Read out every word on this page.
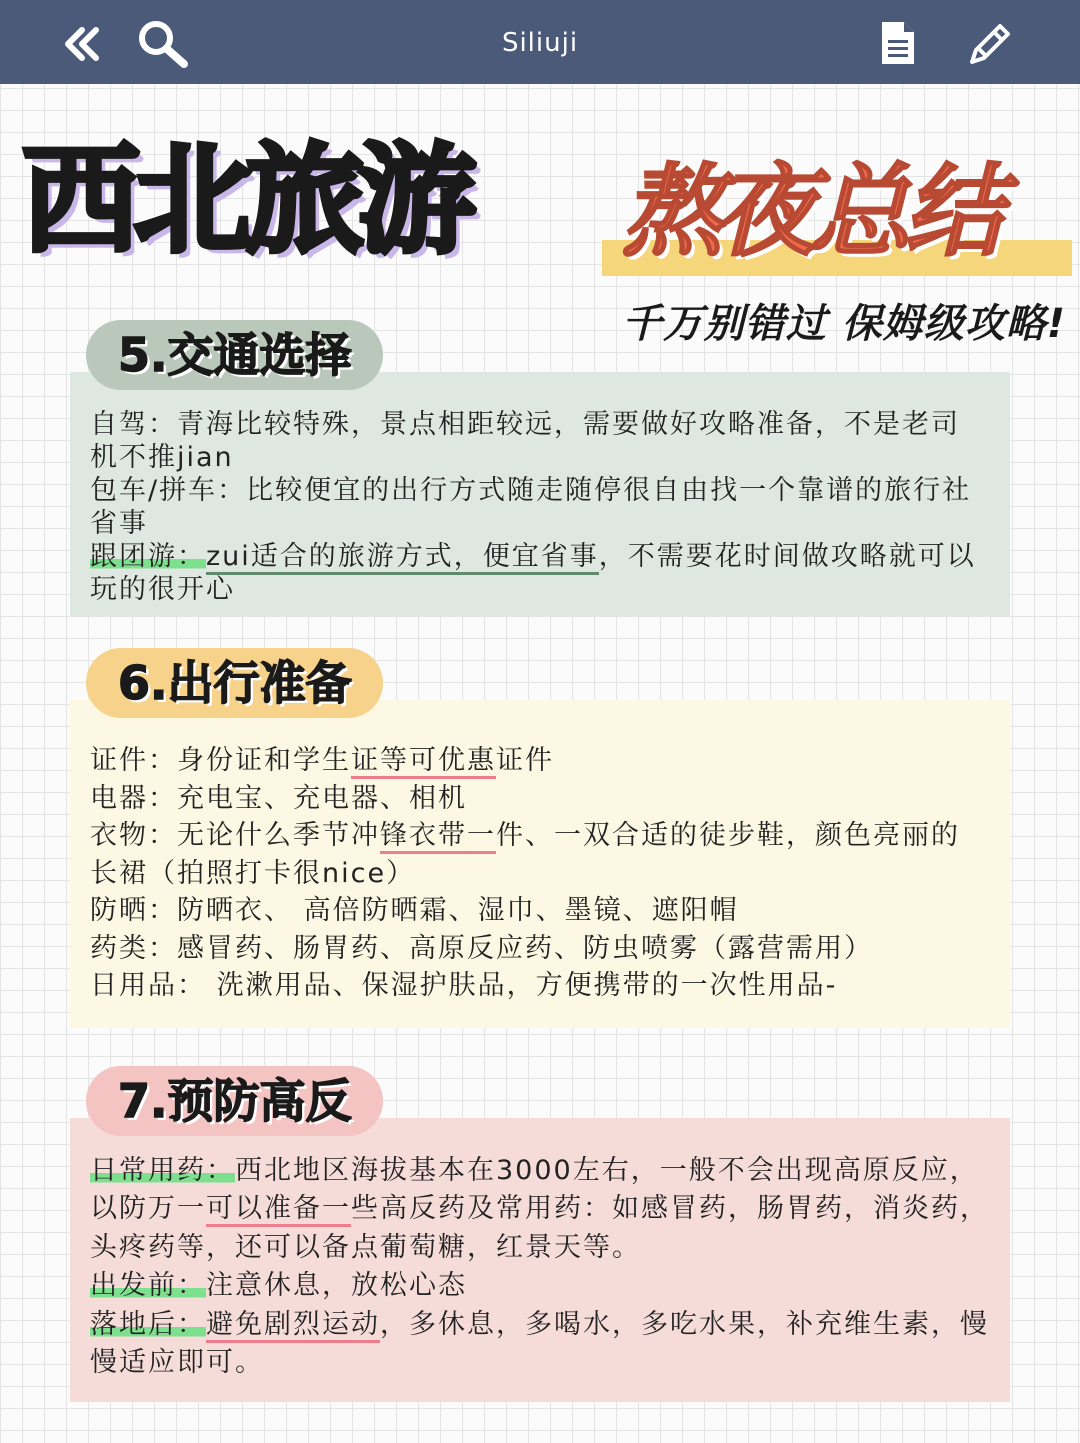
Siliuji
西北旅游 熬夜总结
千万别错过 保姆级攻略!
5.交通选择
6.出行准备
7.预防高反
自驾：青海比较特殊，景点相距较远，需要做好攻略准备，不是老司
机不推jian
包车/拼车：比较便宜的出行方式随走随停很自由找一个靠谱的旅行社
省事
跟团游：zui适合的旅游方式，便宜省事，不需要花时间做攻略就可以
玩的很开心
证件：身份证和学生证等可优惠证件
电器：充电宝、充电器、相机
衣物：无论什么季节冲锋衣带一件、一双合适的徒步鞋，颜色亮丽的
长裙（拍照打卡很nice）
防晒：防晒衣、 高倍防晒霜、湿巾、墨镜、遮阳帽
药类：感冒药、肠胃药、高原反应药、防虫喷雾（露营需用）
日用品： 洗漱用品、保湿护肤品，方便携带的一次性用品-
日常用药：西北地区海拔基本在3000左右，一般不会出现高原反应，
以防万一可以准备一些高反药及常用药：如感冒药，肠胃药，消炎药，
头疼药等，还可以备点葡萄糖，红景天等。
出发前：注意休息，放松心态
落地后：避免剧烈运动，多休息，多喝水，多吃水果，补充维生素，慢
慢适应即可。
